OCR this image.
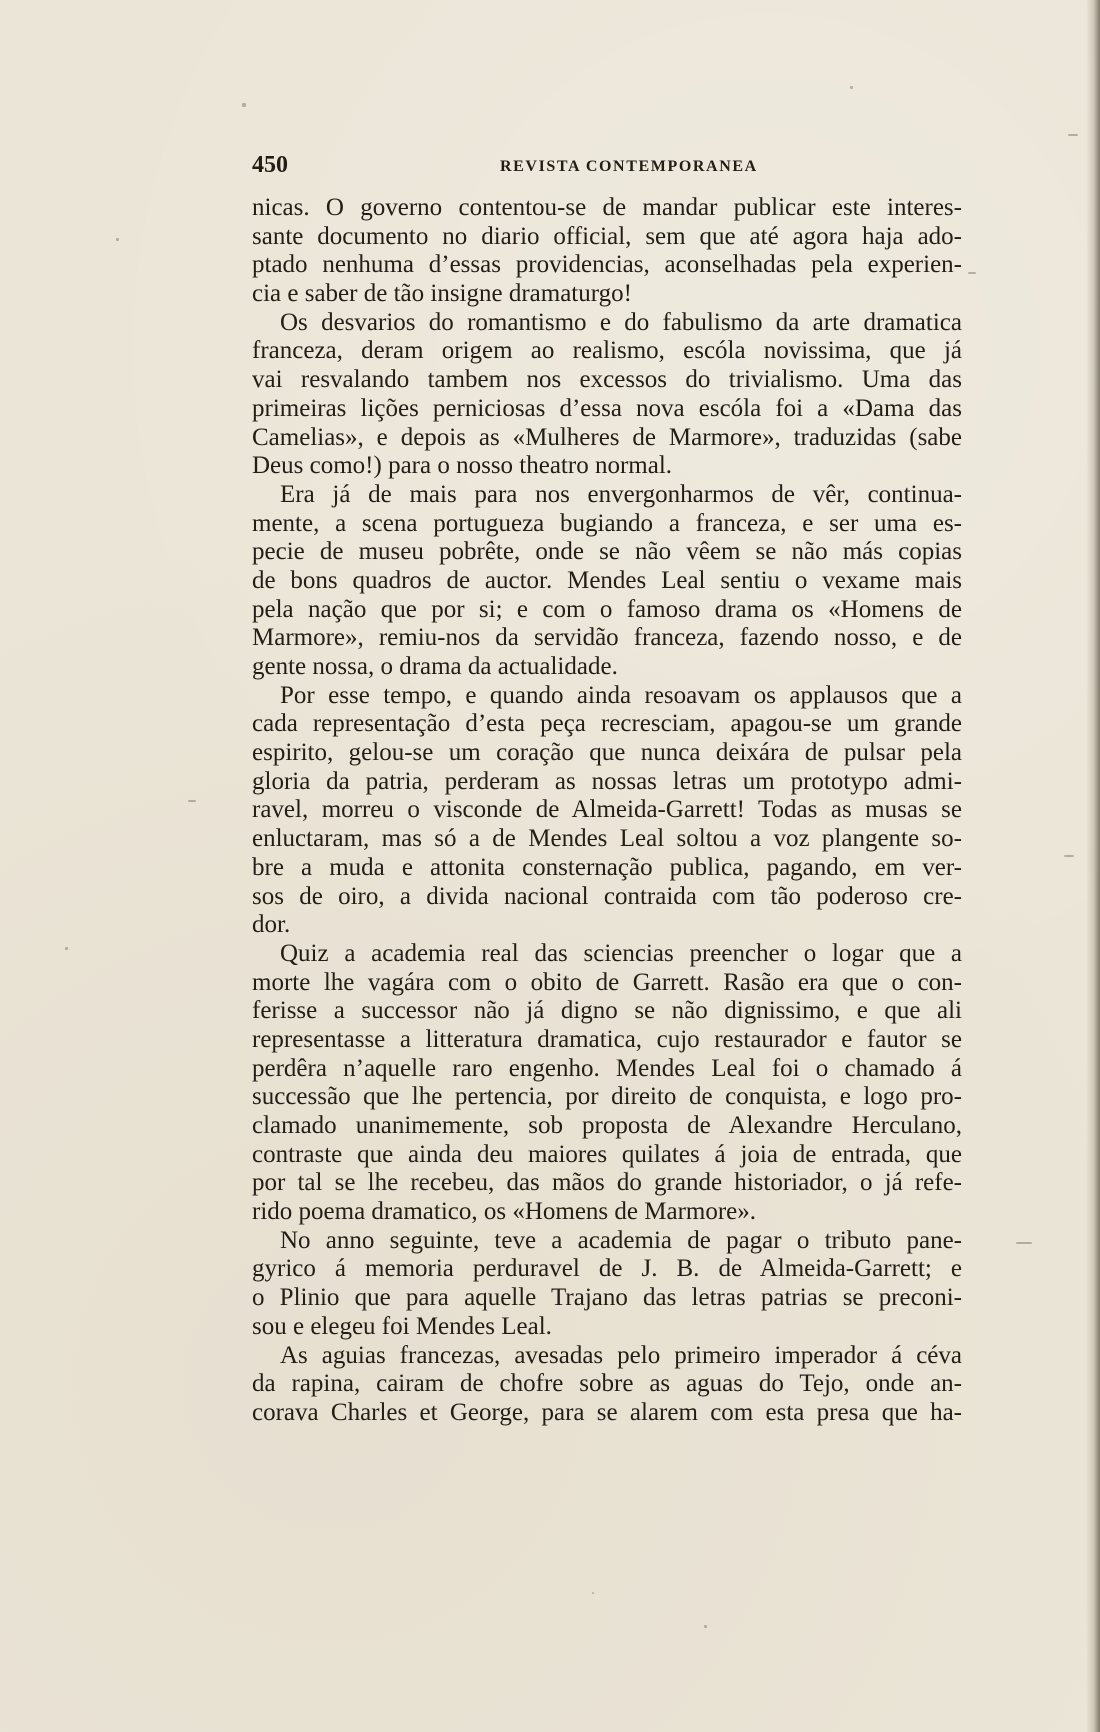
450	REVISTA CONTEMPORANEA
nicas. O governo contentou-se de mandar publicar este interes-
sante documento no diario official, sem que até agora haja ado-
ptado nenhuma d’essas providencias, aconselhadas pela experien-
cia e saber de tão insigne dramaturgo!
Os desvarios do romantismo e do fabulismo da arte dramatica
franceza, deram origem ao realismo, escóla novissima, que já
vai resvalando tambem nos excessos do trivialismo. Uma das
primeiras lições perniciosas d’essa nova escóla foi a «Dama das
Camelias», e depois as «Mulheres de Marmore», traduzidas (sabe
Deus como!) para o nosso theatro normal.
Era já de mais para nos envergonharmos de vêr, continua-
mente, a scena portugueza bugiando a franceza, e ser uma es-
pecie de museu pobrête, onde se não vêem se não más copias
de bons quadros de auctor. Mendes Leal sentiu o vexame mais
pela nação que por si; e com o famoso drama os «Homens de
Marmore», remiu-nos da servidão franceza, fazendo nosso, e de
gente nossa, o drama da actualidade.
Por esse tempo, e quando ainda resoavam os applausos que a
cada representação d’esta peça recresciam, apagou-se um grande
espirito, gelou-se um coração que nunca deixára de pulsar pela
gloria da patria, perderam as nossas letras um prototypo admi-
ravel, morreu o visconde de Almeida-Garrett! Todas as musas se
enluctaram, mas só a de Mendes Leal soltou a voz plangente so-
bre a muda e attonita consternação publica, pagando, em ver-
sos de oiro, a divida nacional contraida com tão poderoso cre-
dor.
Quiz a academia real das sciencias preencher o logar que a
morte lhe vagára com o obito de Garrett. Rasão era que o con-
ferisse a successor não já digno se não dignissimo, e que ali
representasse a litteratura dramatica, cujo restaurador e fautor se
perdêra n’aquelle raro engenho. Mendes Leal foi o chamado á
successão que lhe pertencia, por direito de conquista, e logo pro-
clamado unanimemente, sob proposta de Alexandre Herculano,
contraste que ainda deu maiores quilates á joia de entrada, que
por tal se lhe recebeu, das mãos do grande historiador, o já refe-
rido poema dramatico, os «Homens de Marmore».
No anno seguinte, teve a academia de pagar o tributo pane-
gyrico á memoria perduravel de J. B. de Almeida-Garrett; e
o Plinio que para aquelle Trajano das letras patrias se preconi-
sou e elegeu foi Mendes Leal.
As aguias francezas, avesadas pelo primeiro imperador á céva
da rapina, cairam de chofre sobre as aguas do Tejo, onde an-
corava Charles et George, para se alarem com esta presa que ha-
